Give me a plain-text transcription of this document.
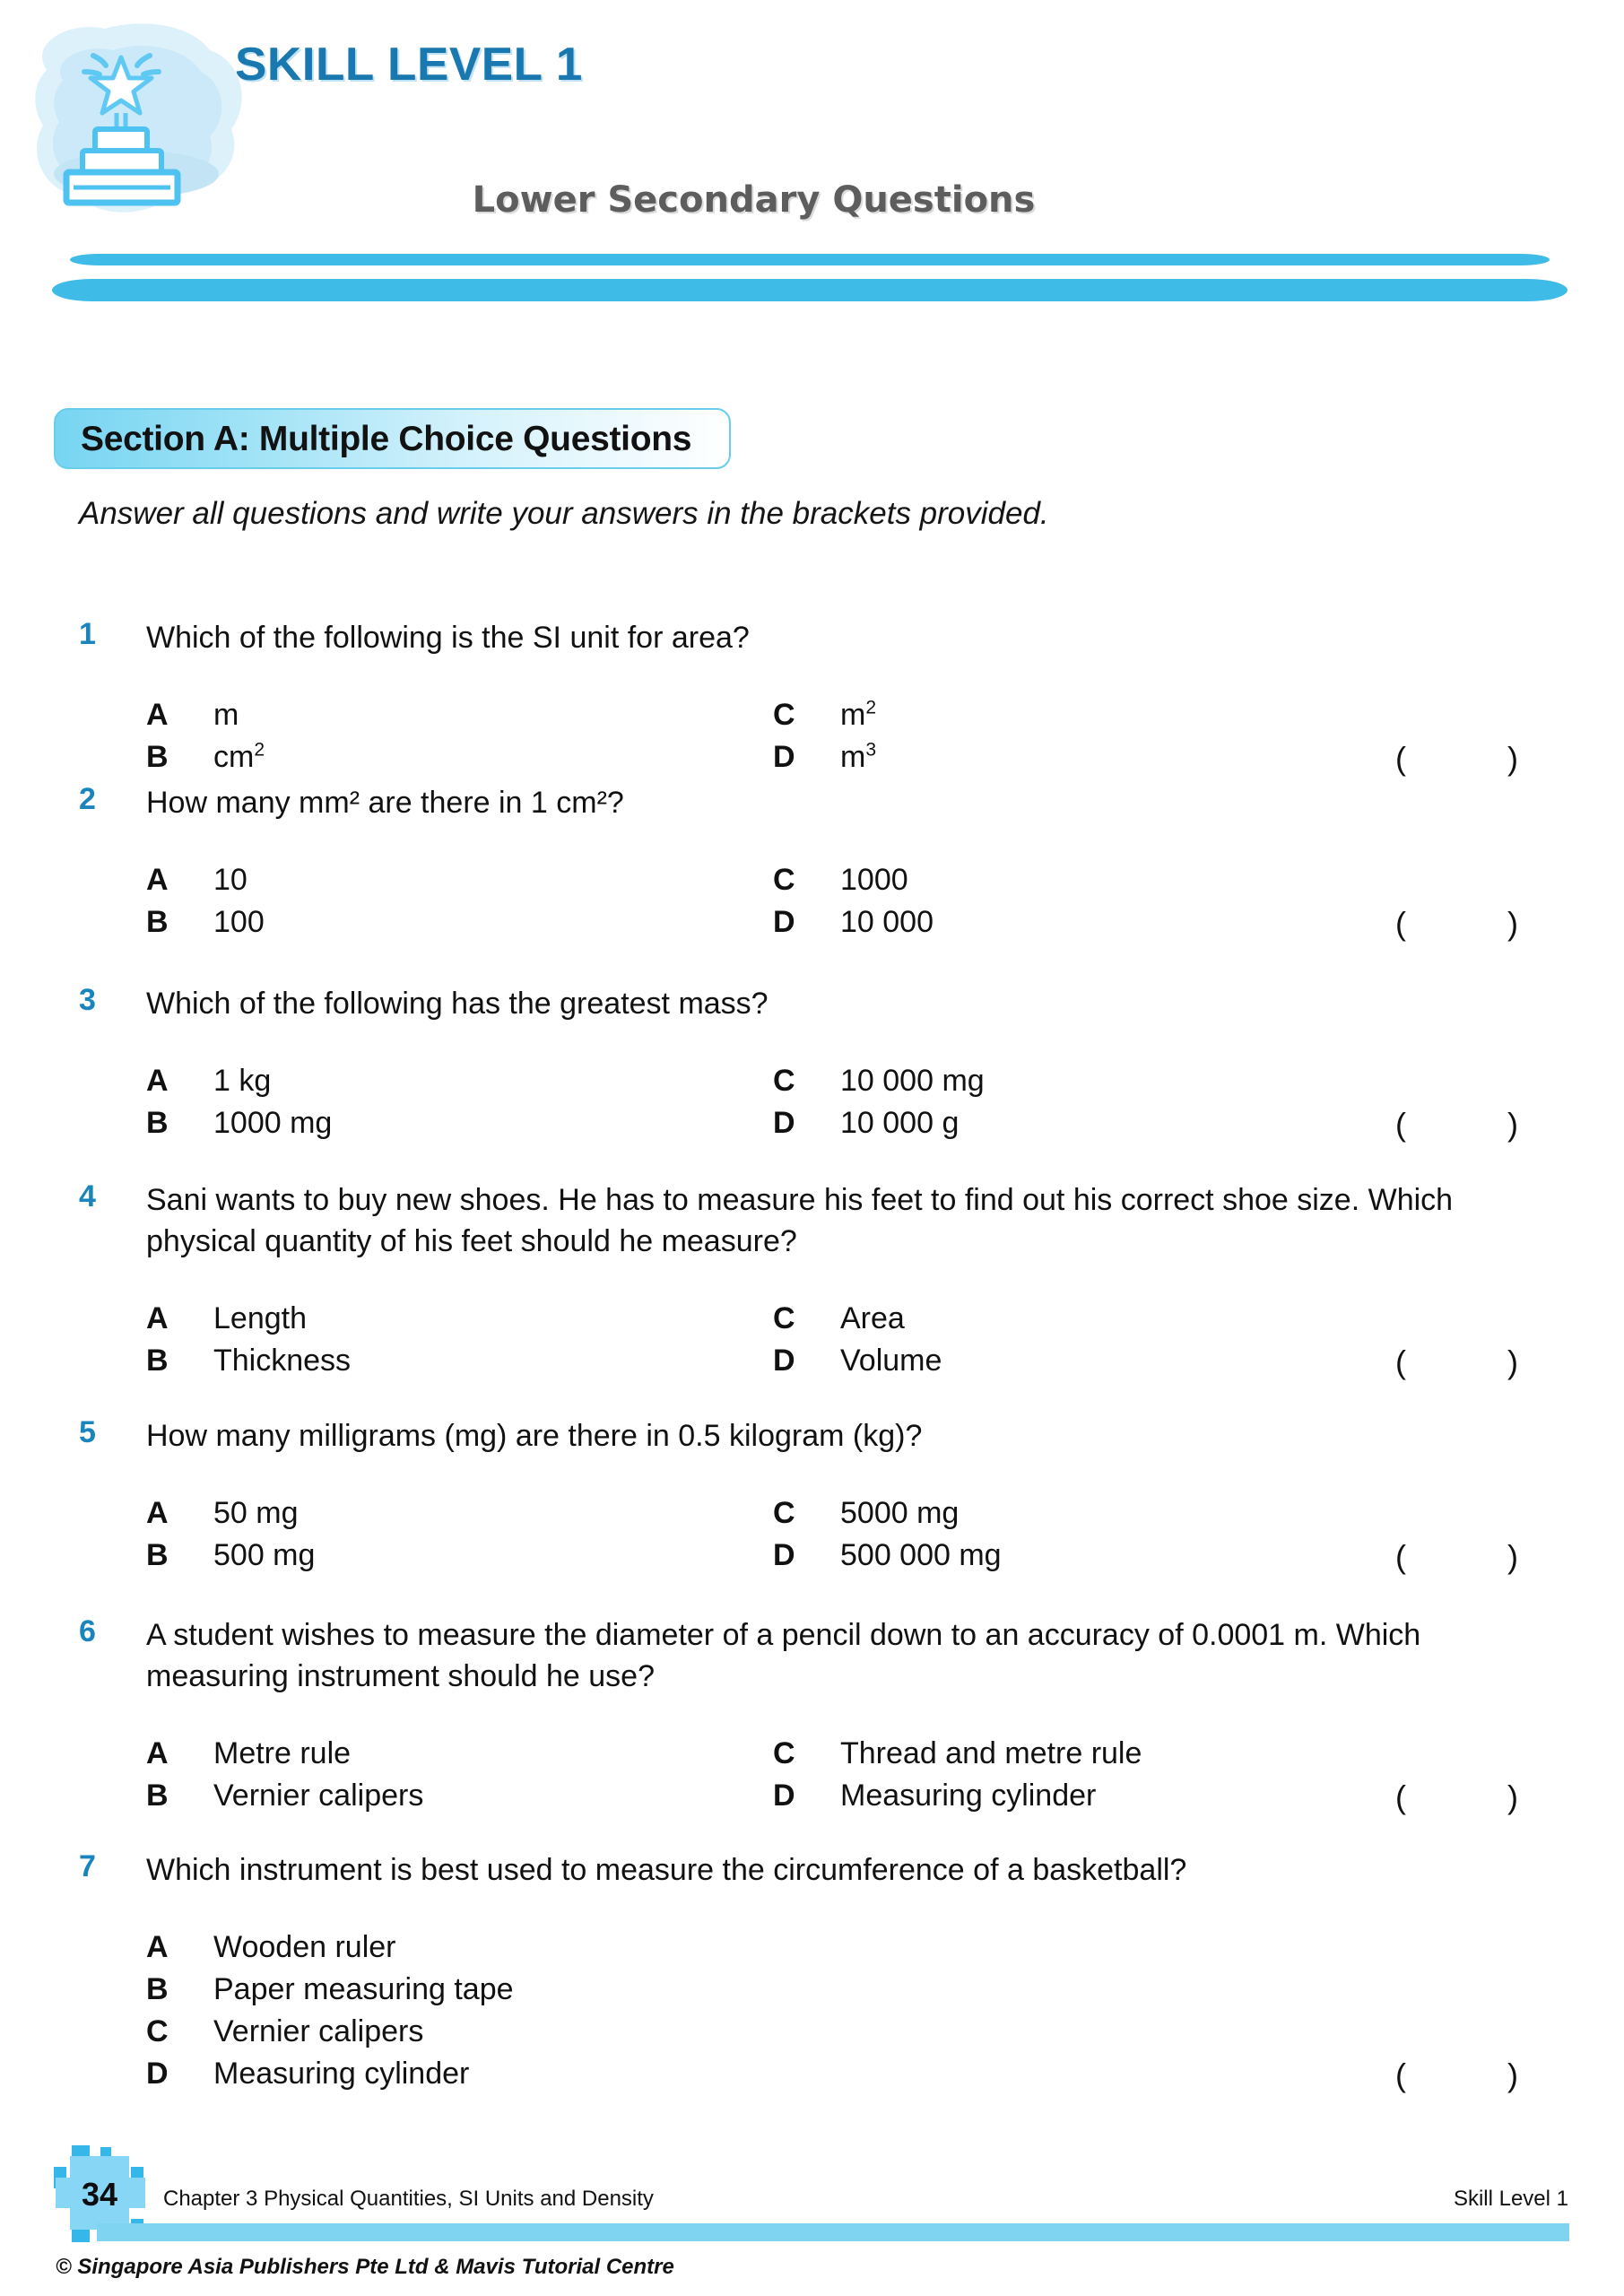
SKILL LEVEL 1
Lower Secondary Questions
Section A: Multiple Choice Questions
Answer all questions and write your answers in the brackets provided.
1	Which of the following is the SI unit for area?
A m
B $cm^2$
C $m^2$
D $m^3$	(	)
2	How many mm² are there in 1 cm²?
A 10
B 100
C 1000
D 10 000	(	)
3	Which of the following has the greatest mass?
A 1 kg
B 1000 mg
C 10 000 mg
D 10 000 g	(	)
4	Sani wants to buy new shoes. He has to measure his feet to find out his correct shoe size. Which physical quantity of his feet should he measure?
A Length
B Thickness
C Area
D Volume	(	)
5	How many milligrams (mg) are there in 0.5 kilogram (kg)?
A 50 mg
B 500 mg
C 5000 mg
D 500 000 mg	(	)
6	A student wishes to measure the diameter of a pencil down to an accuracy of 0.0001 m. Which measuring instrument should he use?
A Metre rule
B Vernier calipers
C Thread and metre rule
D Measuring cylinder	(	)
7	Which instrument is best used to measure the circumference of a basketball?
A Wooden ruler
B Paper measuring tape
C Vernier calipers
D Measuring cylinder	(	)
34	Chapter 3 Physical Quantities, SI Units and Density	Skill Level 1
© Singapore Asia Publishers Pte Ltd & Mavis Tutorial Centre
